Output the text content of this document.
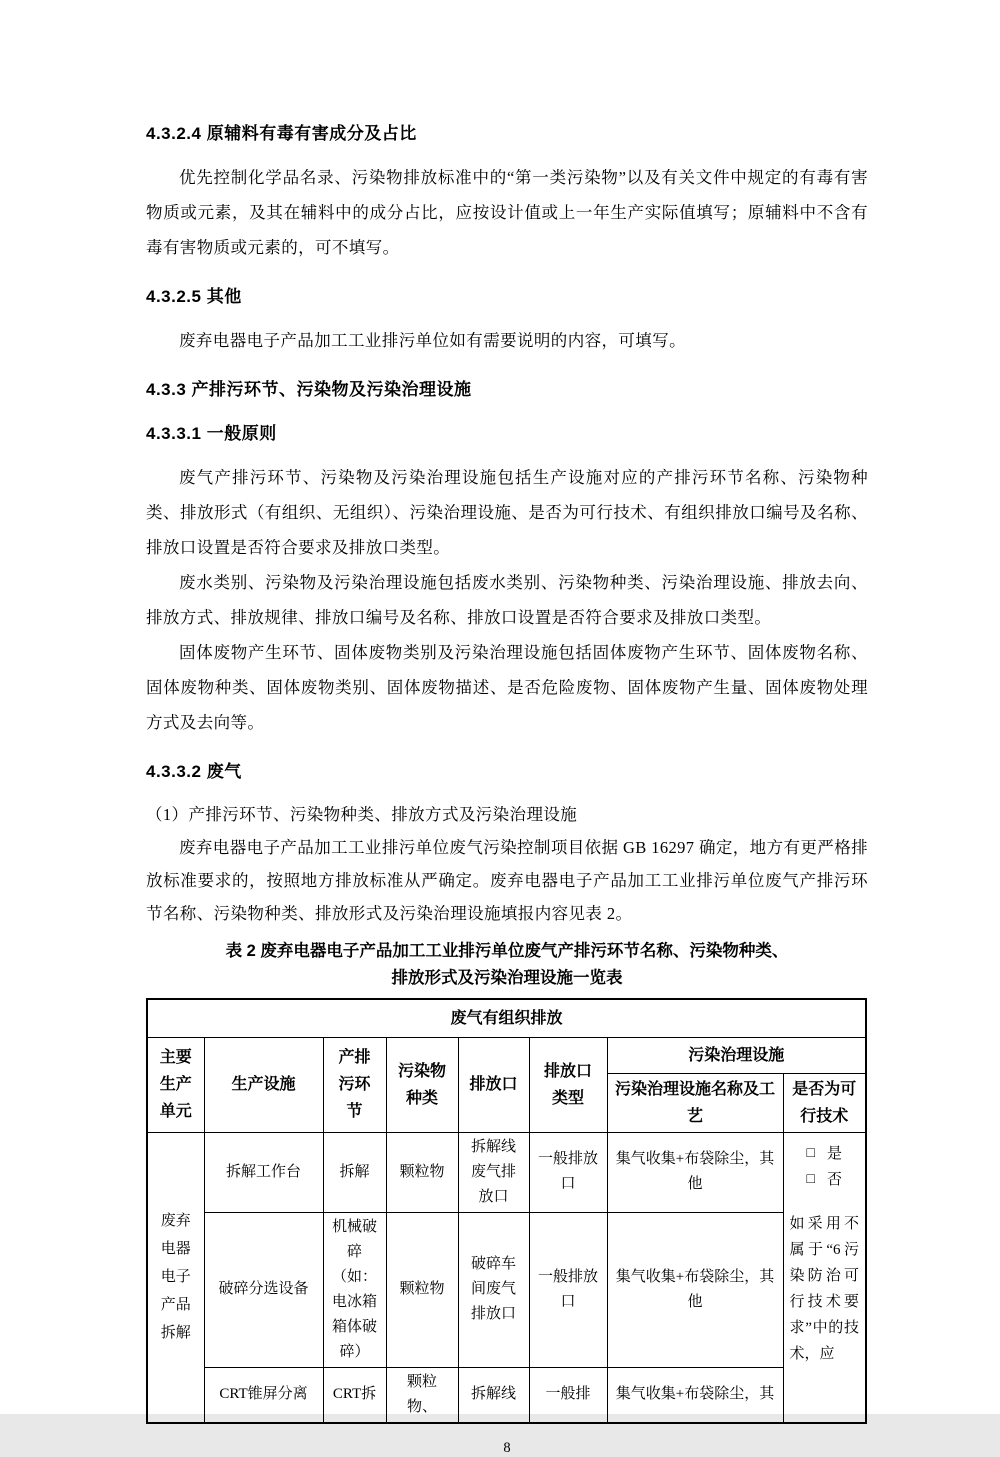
4.3.2.4 原辅料有毒有害成分及占比

优先控制化学品名录、污染物排放标准中的“第一类污染物”以及有关文件中规定的有毒有害物质或元素，及其在辅料中的成分占比，应按设计值或上一年生产实际值填写；原辅料中不含有毒有害物质或元素的，可不填写。

4.3.2.5 其他

废弃电器电子产品加工工业排污单位如有需要说明的内容，可填写。

4.3.3 产排污环节、污染物及污染治理设施
4.3.3.1 一般原则

废气产排污环节、污染物及污染治理设施包括生产设施对应的产排污环节名称、污染物种类、排放形式（有组织、无组织）、污染治理设施、是否为可行技术、有组织排放口编号及名称、排放口设置是否符合要求及排放口类型。

废水类别、污染物及污染治理设施包括废水类别、污染物种类、污染治理设施、排放去向、排放方式、排放规律、排放口编号及名称、排放口设置是否符合要求及排放口类型。

固体废物产生环节、固体废物类别及污染治理设施包括固体废物产生环节、固体废物名称、固体废物种类、固体废物类别、固体废物描述、是否危险废物、固体废物产生量、固体废物处理方式及去向等。

4.3.3.2 废气

（1）产排污环节、污染物种类、排放方式及污染治理设施

废弃电器电子产品加工工业排污单位废气污染控制项目依据 GB 16297 确定，地方有更严格排放标准要求的，按照地方排放标准从严确定。废弃电器电子产品加工工业排污单位废气产排污环节名称、污染物种类、排放形式及污染治理设施填报内容见表 2。

表 2 废弃电器电子产品加工工业排污单位废气产排污环节名称、污染物种类、
排放形式及污染治理设施一览表
废气有组织排放							
主要生产单元	生产设施	产排污环节	污染物种类	排放口	排放口类型	污染治理设施	
						污染治理设施名称及工艺	是否为可行技术
废弃电器电子产品拆解	拆解工作台	拆解	颗粒物	拆解线废气排放口	一般排放口	集气收集+布袋除尘，其他	□ 是
□ 否
如采用不属于“6污染防治可行技术要求”中的技术，应

	破碎分选设备	机械破碎（如：电冰箱箱体破碎）	颗粒物	破碎车间废气排放口	一般排放口	集气收集+布袋除尘，其他	
	CRT锥屏分离	CRT拆	颗粒物、	拆解线	一般排	集气收集+布袋除尘，其	
8
